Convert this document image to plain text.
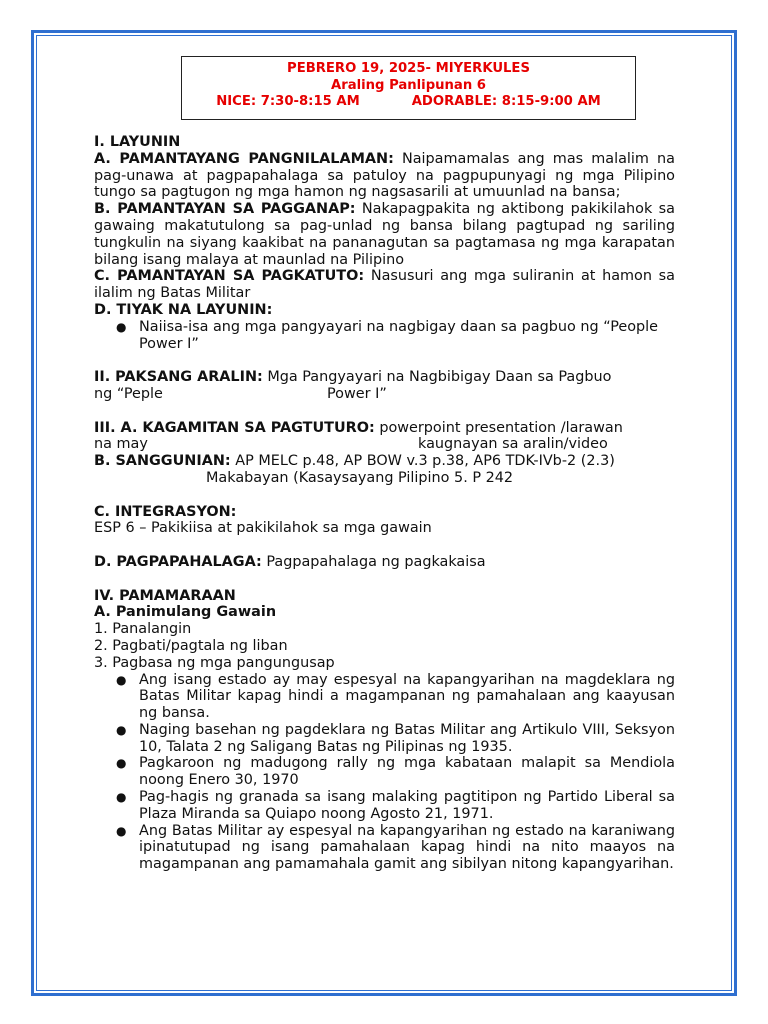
PEBRERO 19, 2025- MIYERKULES
Araling Panlipunan 6
NICE: 7:30-8:15 AM	ADORABLE: 8:15-9:00 AM

I. LAYUNIN

A. PAMANTAYANG PANGNILALAMAN: Naipamamalas ang mas malalim na pag-unawa at pagpapahalaga sa patuloy na pagpupunyagi ng mga Pilipino tungo sa pagtugon ng mga hamon ng nagsasarili at umuunlad na bansa;

B. PAMANTAYAN SA PAGGANAP: Nakapagpakita ng aktibong pakikilahok sa gawaing makatutulong sa pag-unlad ng bansa bilang pagtupad ng sariling tungkulin na siyang kaakibat na pananagutan sa pagtamasa ng mga karapatan bilang isang malaya at maunlad na Pilipino

C. PAMANTAYAN SA PAGKATUTO: Nasusuri ang mga suliranin at hamon sa ilalim ng Batas Militar

D. TIYAK NA LAYUNIN:

● Naiisa-isa ang mga pangyayari na nagbigay daan sa pagbuo ng “People Power I”

II. PAKSANG ARALIN: Mga Pangyayari na Nagbibigay Daan sa Pagbuo

ng “Peple	Power I”

III. A. KAGAMITAN SA PAGTUTURO: powerpoint presentation /larawan

na may	kaugnayan sa aralin/video

B. SANGGUNIAN: AP MELC p.48, AP BOW v.3 p.38, AP6 TDK-IVb-2 (2.3)

Makabayan (Kasaysayang Pilipino 5. P 242

C. INTEGRASYON:

ESP 6 – Pakikiisa at pakikilahok sa mga gawain

D. PAGPAPAHALAGA: Pagpapahalaga ng pagkakaisa

IV. PAMAMARAAN

A. Panimulang Gawain

1. Panalangin

2. Pagbati/pagtala ng liban

3. Pagbasa ng mga pangungusap

● Ang isang estado ay may espesyal na kapangyarihan na magdeklara ng Batas Militar kapag hindi a magampanan ng pamahalaan ang kaayusan ng bansa.
● Naging basehan ng pagdeklara ng Batas Militar ang Artikulo VIII, Seksyon 10, Talata 2 ng Saligang Batas ng Pilipinas ng 1935.
● Pagkaroon ng madugong rally ng mga kabataan malapit sa Mendiola noong Enero 30, 1970
● Pag-hagis ng granada sa isang malaking pagtitipon ng Partido Liberal sa Plaza Miranda sa Quiapo noong Agosto 21, 1971.
● Ang Batas Militar ay espesyal na kapangyarihan ng estado na karaniwang ipinatutupad ng isang pamahalaan kapag hindi na nito maayos na magampanan ang pamamahala gamit ang sibilyan nitong kapangyarihan.
